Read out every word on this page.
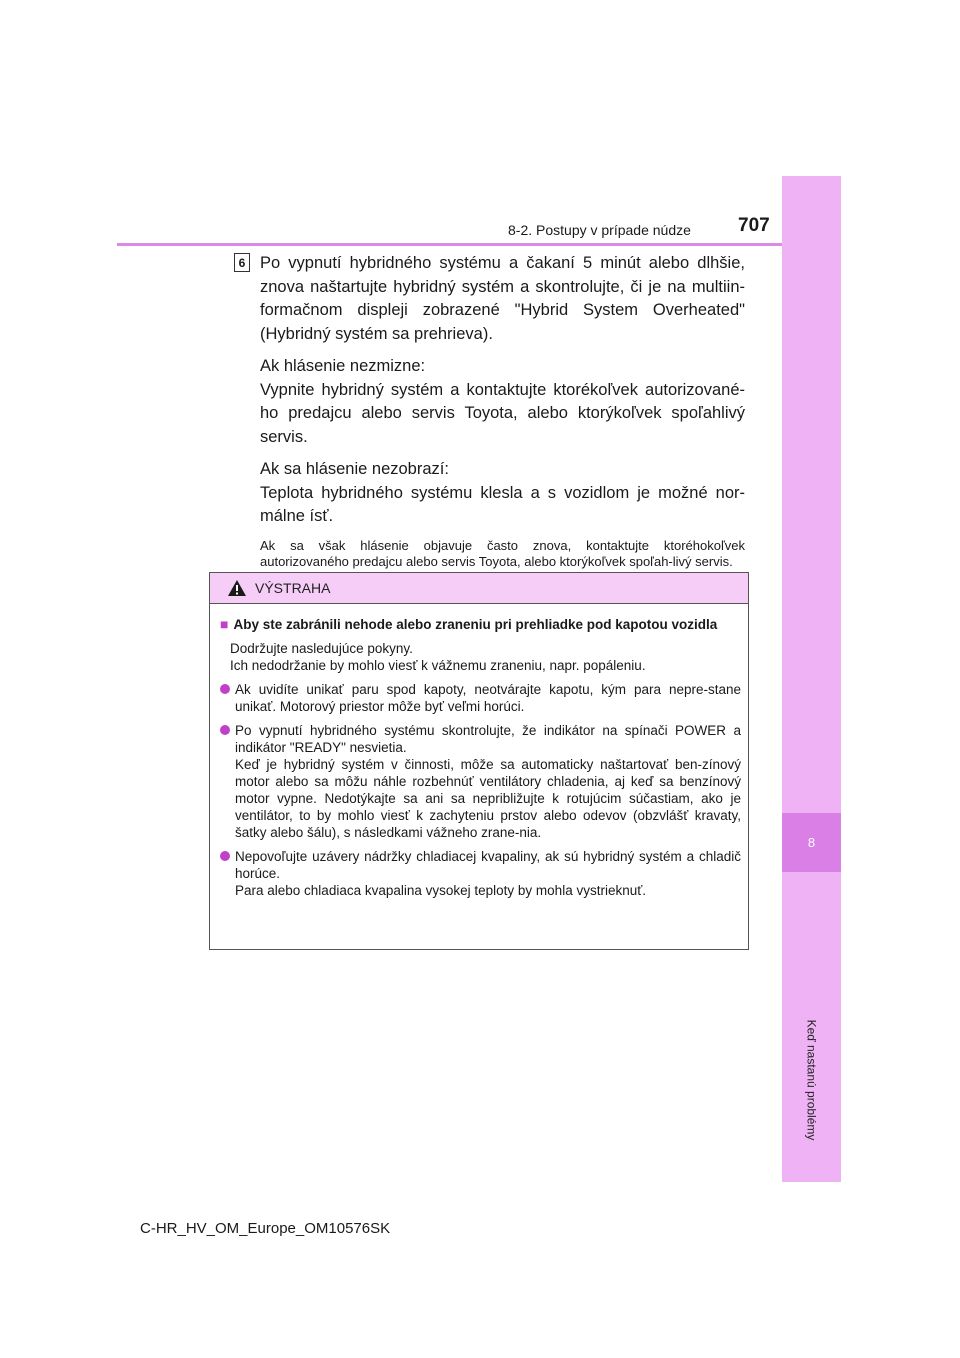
8
Keď nastanú problémy
8-2. Postupy v prípade núdze 707
6 Po vypnutí hybridného systému a čakaní 5 minút alebo dlhšie, znova naštartujte hybridný systém a skontrolujte, či je na multiin-formačnom displeji zobrazené "Hybrid System Overheated" (Hybridný systém sa prehrieva).

Ak hlásenie nezmizne:

Vypnite hybridný systém a kontaktujte ktorékoľvek autorizované-ho predajcu alebo servis Toyota, alebo ktorýkoľvek spoľahlivý servis.

Ak sa hlásenie nezobrazí:

Teplota hybridného systému klesla a s vozidlom je možné nor-málne ísť.

Ak sa však hlásenie objavuje často znova, kontaktujte ktoréhokoľvek autorizovaného predajcu alebo servis Toyota, alebo ktorýkoľvek spoľah-livý servis.

VÝSTRAHA
■ Aby ste zabránili nehode alebo zraneniu pri prehliadke pod kapotou vozidla
Dodržujte nasledujúce pokyny.
Ich nedodržanie by mohlo viesť k vážnemu zraneniu, napr. popáleniu.
Ak uvidíte unikať paru spod kapoty, neotvárajte kapotu, kým para nepre-stane unikať. Motorový priestor môže byť veľmi horúci.
Po vypnutí hybridného systému skontrolujte, že indikátor na spínači POWER a indikátor "READY" nesvietia.
Keď je hybridný systém v činnosti, môže sa automaticky naštartovať ben-zínový motor alebo sa môžu náhle rozbehnúť ventilátory chladenia, aj keď sa benzínový motor vypne. Nedotýkajte sa ani sa nepribližujte k rotujúcim súčastiam, ako je ventilátor, to by mohlo viesť k zachyteniu prstov alebo odevov (obzvlášť kravaty, šatky alebo šálu), s následkami vážneho zrane-nia.
Nepovoľujte uzávery nádržky chladiacej kvapaliny, ak sú hybridný systém a chladič horúce.
Para alebo chladiaca kvapalina vysokej teploty by mohla vystrieknuť.
C-HR_HV_OM_Europe_OM10576SK
